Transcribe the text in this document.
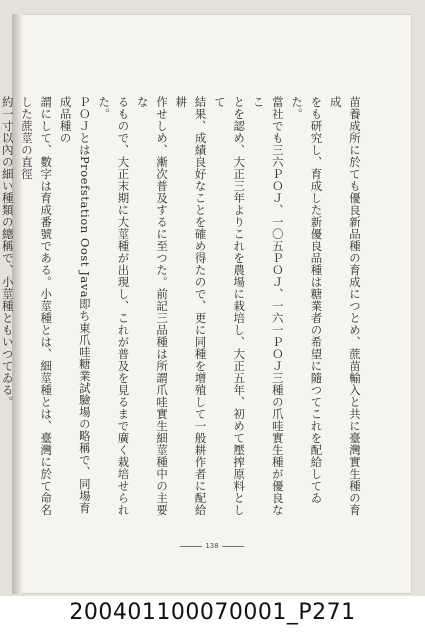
苗養成所に於ても優良新品種の育成につとめ、蔗苗輸入と共に臺灣實生種の育成

をも研究し、育成した新優良品種は糖業者の希望に隨つてこれを配給してゐた。

當社でも三六ＰＯＪ、一〇五ＰＯＪ、一六一ＰＯＪ三種の爪哇實生種が優良なこ

とを認め、大正三年よりこれを農場に栽培し、大正五年、初めて壓搾原料として

結果、成績良好なことを確め得たので、更に同種を增殖して一般耕作者に配給耕

作せしめ、漸次普及するに至つた。前記三品種は所謂爪哇實生細莖種中の主要な

るもので、大正末期に大莖種が出現し、これが普及を見るまで廣く栽培せられた。

ＰＯＪとはProefstation Oost Java即ち東爪哇糖業試驗場の略稱で、同場育成品種の

謂にして、數字は育成番號である。小莖種とは、細莖種とは、臺灣に於て命名した蔗莖の直徑

約一寸以內の細い種類の總稱で、小莖種ともいつてゐる。

138
200401100070001_P271
